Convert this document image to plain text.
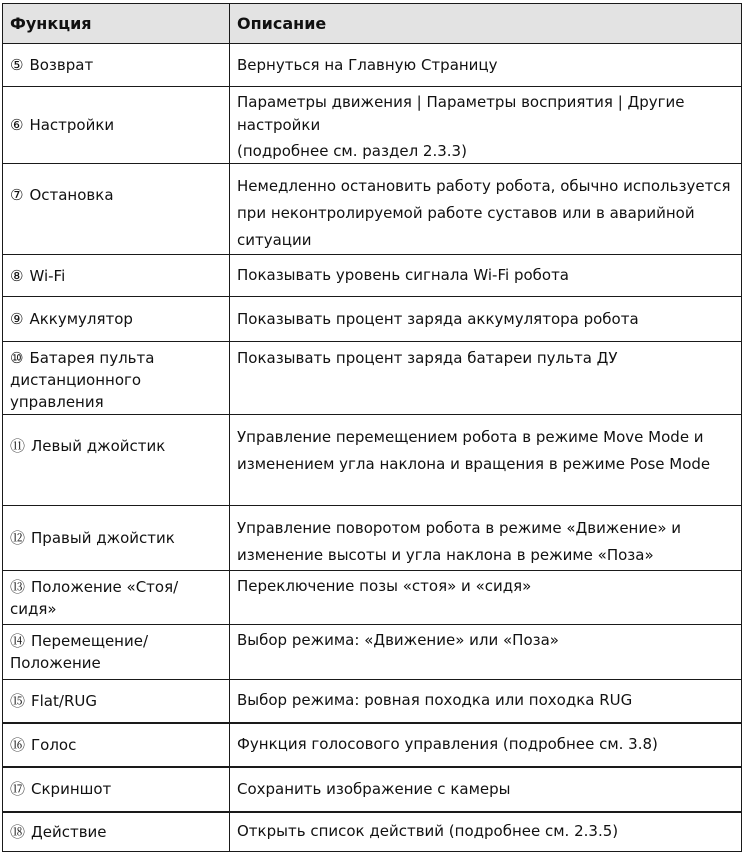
Функция	Описание
⑤ Возврат	Вернуться на Главную Страницу

⑥ Настройки	Параметры движения | Параметры восприятия | Другие настройки
(подробнее см. раздел 2.3.3)

⑦ Остановка	Немедленно остановить работу робота, обычно используется при неконтролируемой работе суставов или в аварийной ситуации

⑧ Wi-Fi	Показывать уровень сигнала Wi-Fi робота

⑨ Аккумулятор	Показывать процент заряда аккумулятора робота

⑩ Батарея пульта дистанционного управления	Показывать процент заряда батареи пульта ДУ

⑪ Левый джойстик	Управление перемещением робота в режиме Move Mode и изменением угла наклона и вращения в режиме Pose Mode

⑫ Правый джойстик	Управление поворотом робота в режиме «Движение» и изменение высоты и угла наклона в режиме «Поза»

⑬ Положение «Стоя/сидя»	Переключение позы «стоя» и «сидя»

⑭ Перемещение/ Положение	Выбор режима: «Движение» или «Поза»

⑮ Flat/RUG	Выбор режима: ровная походка или походка RUG

⑯ Голос	Функция голосового управления (подробнее см. 3.8)

⑰ Скриншот	Сохранить изображение с камеры

⑱ Действие	Открыть список действий (подробнее см. 2.3.5)
